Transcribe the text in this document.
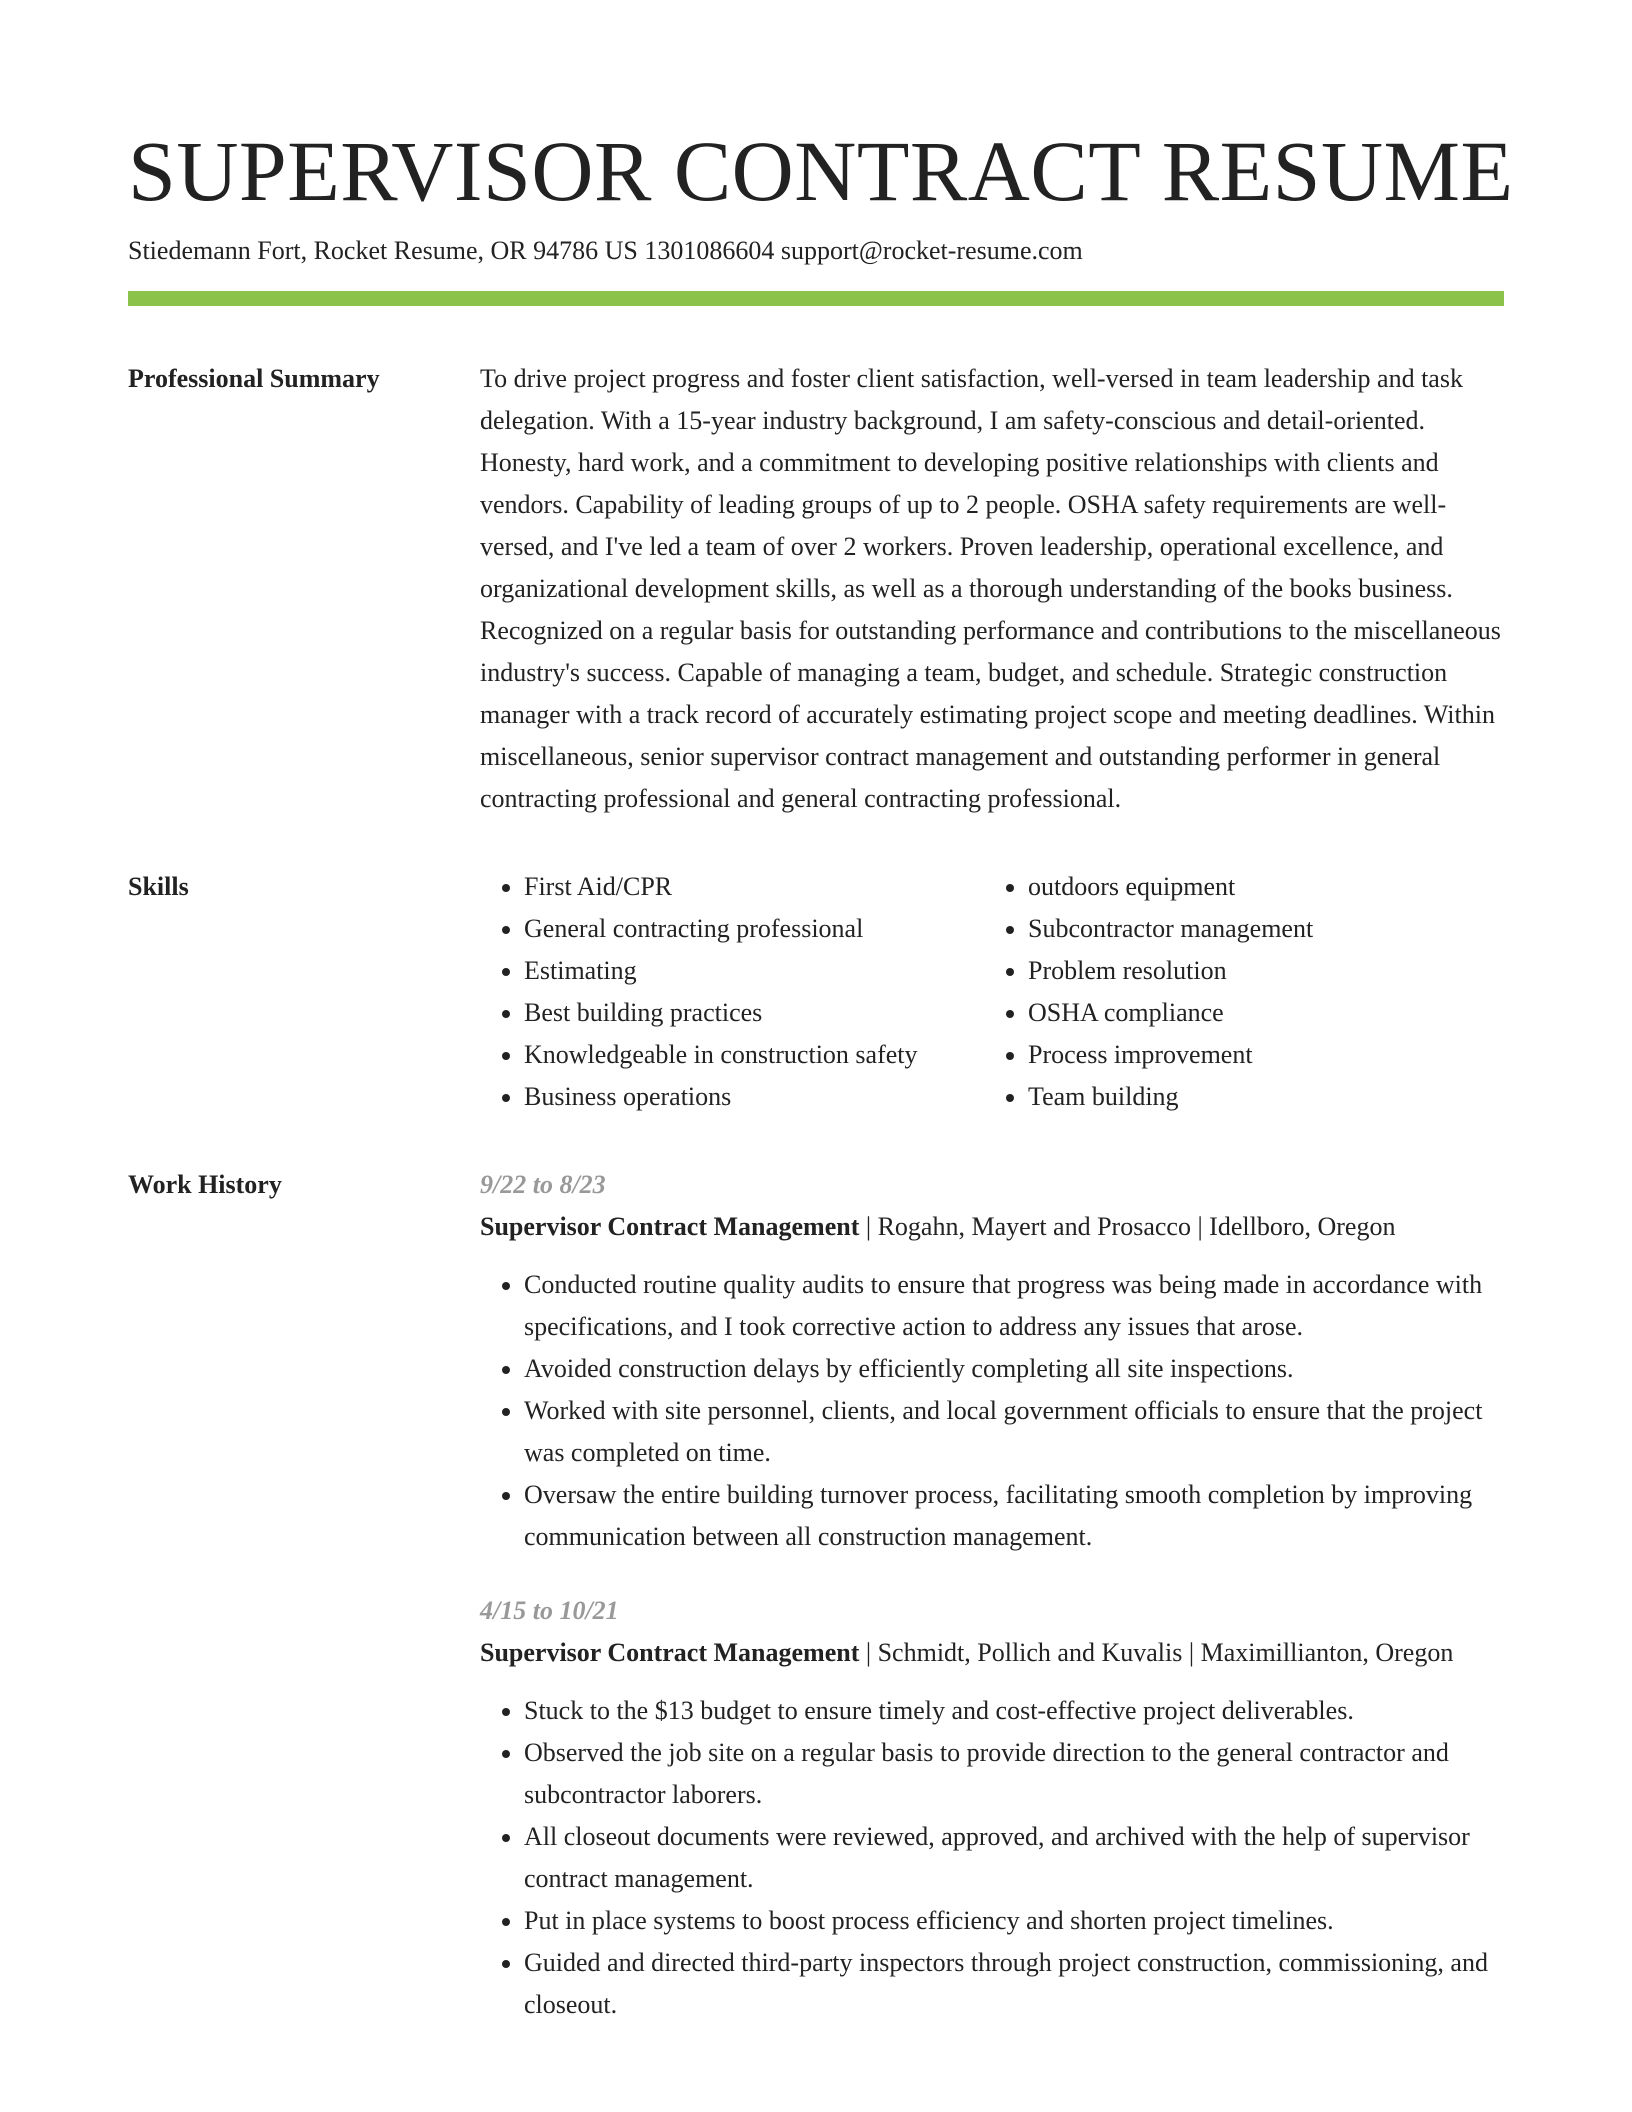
SUPERVISOR CONTRACT RESUME
Stiedemann Fort, Rocket Resume, OR 94786 US 1301086604 support@rocket-resume.com
Professional Summary	To drive project progress and foster client satisfaction, well-versed in team leadership and task delegation. With a 15-year industry background, I am safety-conscious and detail-oriented. Honesty, hard work, and a commitment to developing positive relationships with clients and vendors. Capability of leading groups of up to 2 people. OSHA safety requirements are well-versed, and I've led a team of over 2 workers. Proven leadership, operational excellence, and organizational development skills, as well as a thorough understanding of the books business. Recognized on a regular basis for outstanding performance and contributions to the miscellaneous industry's success. Capable of managing a team, budget, and schedule. Strategic construction manager with a track record of accurately estimating project scope and meeting deadlines. Within miscellaneous, senior supervisor contract management and outstanding performer in general contracting professional and general contracting professional.

Skills	• First Aid/CPR
• General contracting professional
• Estimating
• Best building practices
• Knowledgeable in construction safety
• Business operations
• outdoors equipment
• Subcontractor management
• Problem resolution
• OSHA compliance
• Process improvement
• Team building
Work History	9/22 to 8/23
Supervisor Contract Management | Rogahn, Mayert and Prosacco | Idellboro, Oregon
• Conducted routine quality audits to ensure that progress was being made in accordance with specifications, and I took corrective action to address any issues that arose.
• Avoided construction delays by efficiently completing all site inspections.
• Worked with site personnel, clients, and local government officials to ensure that the project was completed on time.
• Oversaw the entire building turnover process, facilitating smooth completion by improving communication between all construction management.
4/15 to 10/21
Supervisor Contract Management | Schmidt, Pollich and Kuvalis | Maximillianton, Oregon
• Stuck to the $13 budget to ensure timely and cost-effective project deliverables.
• Observed the job site on a regular basis to provide direction to the general contractor and subcontractor laborers.
• All closeout documents were reviewed, approved, and archived with the help of supervisor contract management.
• Put in place systems to boost process efficiency and shorten project timelines.
• Guided and directed third-party inspectors through project construction, commissioning, and closeout.
